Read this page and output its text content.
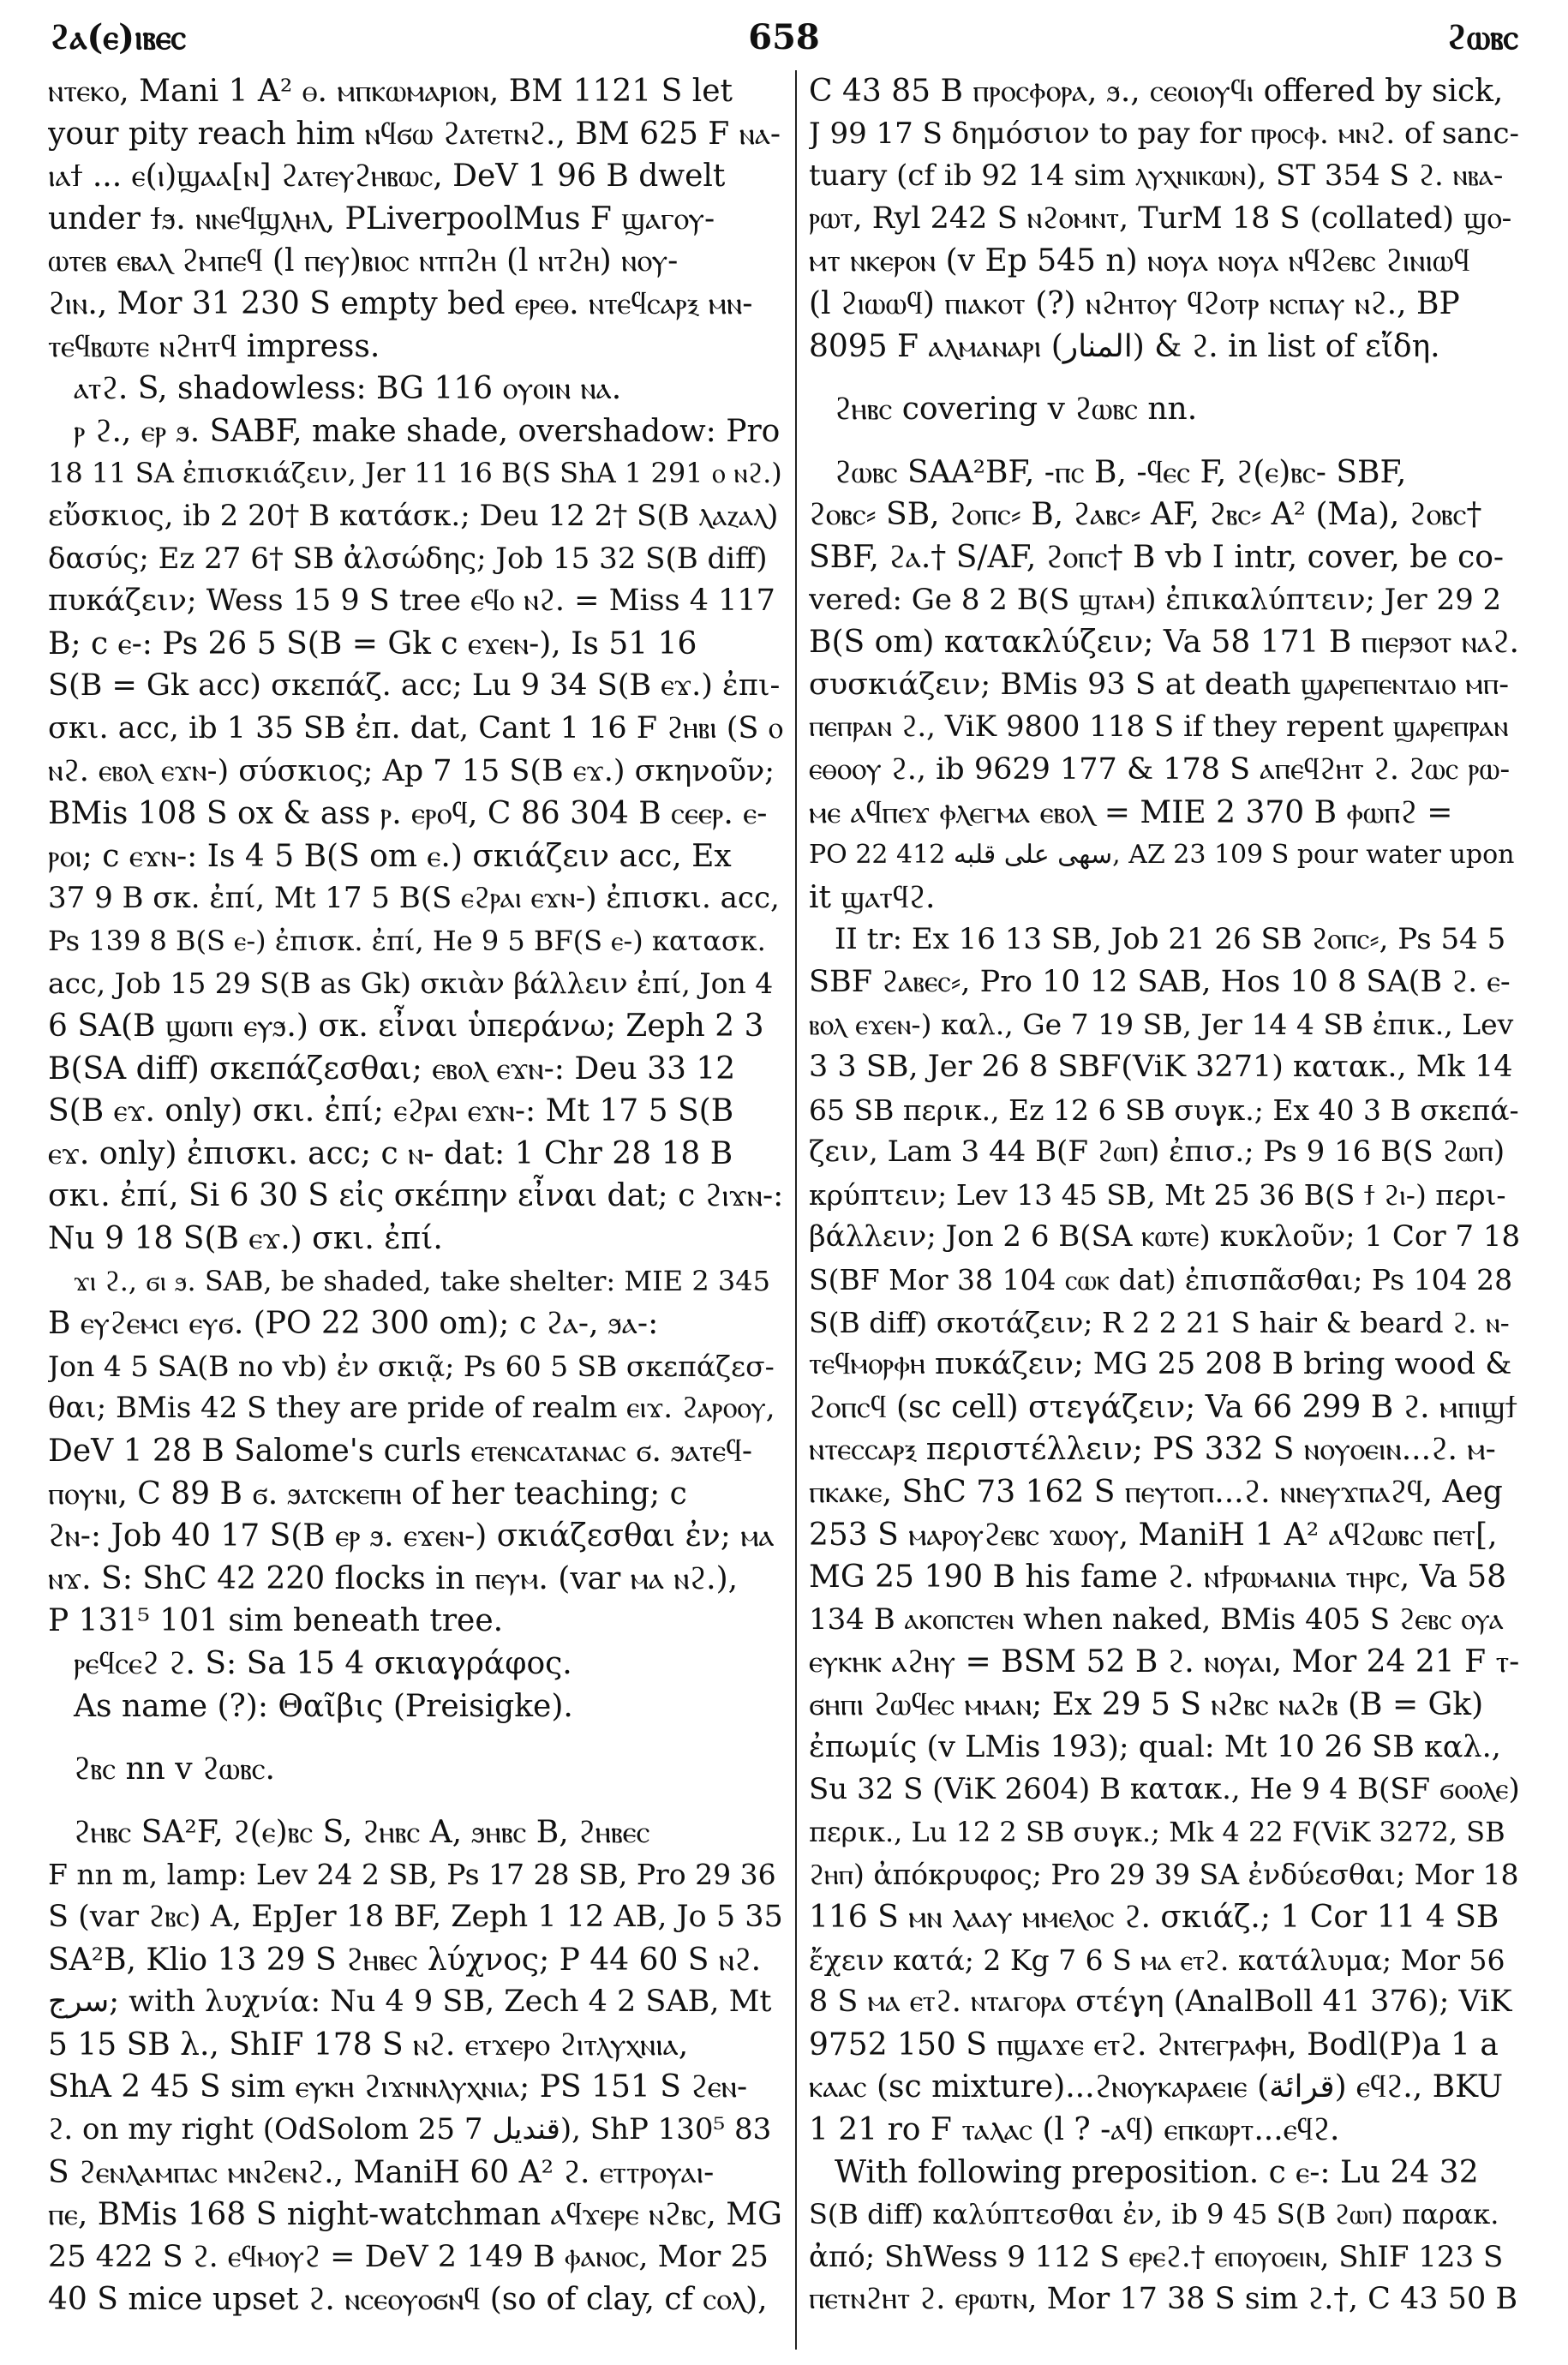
658
ϩⲁ(ⲉ)ⲓⲃⲉⲥ	ϩⲱⲃⲥ
ⲛⲧⲉⲕⲟ, Mani 1 A² ⲑ. ⲙⲡⲕⲱⲙⲁⲣⲓⲟⲛ, BM 1121 S let
your pity reach him ⲛϥϭⲱ ϩⲁⲧⲉⲧⲛϩ., BM 625 F ⲛⲁ-
ⲓⲁϯ ... ⲉ(ⲓ)ϣⲁⲁ[ⲛ] ϩⲁⲧⲉⲩϩⲏⲃⲱⲥ, DeV 1 96 B dwelt
under ϯϧ. ⲛⲛⲉϥϣⲗⲏⲗ, PLiverpoolMus F ϣⲁⲅⲟⲩ-
ⲱⲧⲉⲃ ⲉⲃⲁⲗ ϩⲙⲡⲉϥ (l ⲡⲉⲩ)ⲃⲓⲟⲥ ⲛⲧⲡϩⲏ (l ⲛⲧϩⲏ) ⲛⲟⲩ-
ϩⲓⲛ., Mor 31 230 S empty bed ⲉⲣⲉⲑ. ⲛⲧⲉϥⲥⲁⲣⲝ ⲙⲛ-
ⲧⲉϥⲃⲱⲧⲉ ⲛϩⲏⲧϥ impress.
ⲁⲧϩ. S, shadowless: BG 116 ⲟⲩⲟⲓⲛ ⲛⲁ.
ⲣ ϩ., ⲉⲣ ϧ. SABF, make shade, overshadow: Pro
18 11 SA ἐπισκιάζειν, Jer 11 16 B(S ShA 1 291 ⲟ ⲛϩ.)
εὔσκιος, ib 2 20† B κατάσκ.; Deu 12 2† S(B ⲗⲁⲍⲁⲗ)
δασύς; Ez 27 6† SB ἀλσώδης; Job 15 32 S(B diff)
πυκάζειν; Wess 15 9 S tree ⲉϥⲟ ⲛϩ. = Miss 4 117
B; c ⲉ-: Ps 26 5 S(B = Gk c ⲉϫⲉⲛ-), Is 51 16
S(B = Gk acc) σκεπάζ. acc; Lu 9 34 S(B ⲉϫ.) ἐπι-
σκι. acc, ib 1 35 SB ἐπ. dat, Cant 1 16 F ϩⲏⲃⲓ (S ⲟ
ⲛϩ. ⲉⲃⲟⲗ ⲉϫⲛ-) σύσκιος; Ap 7 15 S(B ⲉϫ.) σκηνοῦν;
BMis 108 S ox & ass ⲣ. ⲉⲣⲟϥ, C 86 304 B ⲥⲉⲉⲣ. ⲉ-
ⲣⲟⲓ; c ⲉϫⲛ-: Is 4 5 B(S om ⲉ.) σκιάζειν acc, Ex
37 9 B σκ. ἐπί, Mt 17 5 B(S ⲉϩⲣⲁⲓ ⲉϫⲛ-) ἐπισκι. acc,
Ps 139 8 B(S ⲉ-) ἐπισκ. ἐπί, He 9 5 BF(S ⲉ-) κατασκ.
acc, Job 15 29 S(B as Gk) σκιὰν βάλλειν ἐπί, Jon 4
6 SA(B ϣⲱⲡⲓ ⲉⲩϧ.) σκ. εἶναι ὑπεράνω; Zeph 2 3
B(SA diff) σκεπάζεσθαι; ⲉⲃⲟⲗ ⲉϫⲛ-: Deu 33 12
S(B ⲉϫ. only) σκι. ἐπί; ⲉϩⲣⲁⲓ ⲉϫⲛ-: Mt 17 5 S(B
ⲉϫ. only) ἐπισκι. acc; c ⲛ- dat: 1 Chr 28 18 B
σκι. ἐπί, Si 6 30 S εἰς σκέπην εἶναι dat; c ϩⲓϫⲛ-:
Nu 9 18 S(B ⲉϫ.) σκι. ἐπί.
ϫⲓ ϩ., ϭⲓ ϧ. SAB, be shaded, take shelter: MIE 2 345
B ⲉⲩϩⲉⲙⲥⲓ ⲉⲩϭ. (PO 22 300 om); c ϩⲁ-, ϧⲁ-:
Jon 4 5 SA(B no vb) ἐν σκιᾷ; Ps 60 5 SB σκεπάζεσ-
θαι; BMis 42 S they are pride of realm ⲉⲓϫ. ϩⲁⲣⲟⲟⲩ,
DeV 1 28 B Salome's curls ⲉⲧⲉⲛⲥⲁⲧⲁⲛⲁⲥ ϭ. ϧⲁⲧⲉϥ-
ⲡⲟⲩⲛⲓ, C 89 B ϭ. ϧⲁⲧⲥⲕⲉⲡⲏ of her teaching; c
ϩⲛ-: Job 40 17 S(B ⲉⲣ ϧ. ⲉϫⲉⲛ-) σκιάζεσθαι ἐν; ⲙⲁ
ⲛϫ. S: ShC 42 220 flocks in ⲡⲉⲩⲙ. (var ⲙⲁ ⲛϩ.),
P 131⁵ 101 sim beneath tree.
ⲣⲉϥⲥⲉϩ ϩ. S: Sa 15 4 σκιαγράφος.
As name (?): Θαῖβις (Preisigke).
ϩⲃⲥ nn v ϩⲱⲃⲥ.
ϩⲏⲃⲥ SA²F, ϩ(ⲉ)ⲃⲥ S, ϩⲏⲃⲥ A, ϧⲏⲃⲥ B, ϩⲏⲃⲉⲥ
F nn m, lamp: Lev 24 2 SB, Ps 17 28 SB, Pro 29 36
S (var ϩⲃⲥ) A, EpJer 18 BF, Zeph 1 12 AB, Jo 5 35
SA²B, Klio 13 29 S ϩⲏⲃⲉⲥ λύχνος; P 44 60 S ⲛϩ.
سرج; with λυχνία: Nu 4 9 SB, Zech 4 2 SAB, Mt
5 15 SB λ., ShIF 178 S ⲛϩ. ⲉⲧϫⲉⲣⲟ ϩⲓⲧⲗⲩⲭⲛⲓⲁ,
ShA 2 45 S sim ⲉⲩⲕⲏ ϩⲓϫⲛⲛⲗⲩⲭⲛⲓⲁ; PS 151 S ϩⲉⲛ-
ϩ. on my right (OdSolom 25 7 ﻗﻨﺪﻳﻞ), ShP 130⁵ 83
S ϩⲉⲛⲗⲁⲙⲡⲁⲥ ⲙⲛϩⲉⲛϩ., ManiH 60 A² ϩ. ⲉⲧⲧⲣⲟⲩⲁⲓ-
ⲡⲉ, BMis 168 S night-watchman ⲁϥϫⲉⲣⲉ ⲛϩⲃⲥ, MG
25 422 S ϩ. ⲉϥⲙⲟⲩϩ = DeV 2 149 B ⲫⲁⲛⲟⲥ, Mor 25
40 S mice upset ϩ. ⲛⲥⲉⲟⲩⲟϭⲛϥ (so of clay, cf ⲥⲟⲗ),
C 43 85 B ⲡⲣⲟⲥⲫⲟⲣⲁ, ϧ., ⲥⲉⲟⲓⲟⲩϥⲓ offered by sick,
J 99 17 S δημόσιον to pay for ⲡⲣⲟⲥⲫ. ⲙⲛϩ. of sanc-
tuary (cf ib 92 14 sim ⲗⲩⲭⲛⲓⲕⲱⲛ), ST 354 S ϩ. ⲛⲃⲁ-
ⲣⲱⲧ, Ryl 242 S ⲛϩⲟⲙⲛⲧ, TurM 18 S (collated) ϣⲟ-
ⲙⲧ ⲛⲕⲉⲣⲟⲛ (v Ep 545 n) ⲛⲟⲩⲁ ⲛⲟⲩⲁ ⲛϥϩⲉⲃⲥ ϩⲓⲛⲓⲱϥ
(l ϩⲓⲱⲱϥ) ⲡⲓⲁⲕⲟⲧ (?) ⲛϩⲏⲧⲟⲩ ϥϩⲟⲧⲣ ⲛⲥⲡⲁⲩ ⲛϩ., BP
8095 F ⲁⲗⲙⲁⲛⲁⲣⲓ (المنار) & ϩ. in list of εἴδη.
ϩⲏⲃⲥ covering v ϩⲱⲃⲥ nn.
ϩⲱⲃⲥ SAA²BF, -ⲡⲥ B, -ϥⲉⲥ F, ϩ(ⲉ)ⲃⲥ- SBF,
ϩⲟⲃⲥ⸗ SB, ϩⲟⲡⲥ⸗ B, ϩⲁⲃⲥ⸗ AF, ϩⲃⲥ⸗ A² (Ma), ϩⲟⲃⲥ†
SBF, ϩⲁ.† S/AF, ϩⲟⲡⲥ† B vb I intr, cover, be co-
vered: Ge 8 2 B(S ϣⲧⲁⲙ) ἐπικαλύπτειν; Jer 29 2
B(S om) κατακλύζειν; Va 58 171 B ⲡⲓⲉⲣϧⲟⲧ ⲛⲁϩ.
συσκιάζειν; BMis 93 S at death ϣⲁⲣⲉⲡⲉⲛⲧⲁⲓⲟ ⲙⲡ-
ⲡⲉⲡⲣⲁⲛ ϩ., ViK 9800 118 S if they repent ϣⲁⲣⲉⲡⲣⲁⲛ
ⲉⲑⲟⲟⲩ ϩ., ib 9629 177 & 178 S ⲁⲡⲉϥϩⲏⲧ ϩ. ϩⲱⲥ ⲣⲱ-
ⲙⲉ ⲁϥⲡⲉϫ ⲫⲗⲉⲅⲙⲁ ⲉⲃⲟⲗ = MIE 2 370 B ⲫⲱⲡϩ =
PO 22 412 سهى على قلبه, AZ 23 109 S pour water upon
it ϣⲁⲧϥϩ.
II tr: Ex 16 13 SB, Job 21 26 SB ϩⲟⲡⲥ⸗, Ps 54 5
SBF ϩⲁⲃⲉⲥ⸗, Pro 10 12 SAB, Hos 10 8 SA(B ϩ. ⲉ-
ⲃⲟⲗ ⲉϫⲉⲛ-) καλ., Ge 7 19 SB, Jer 14 4 SB ἐπικ., Lev
3 3 SB, Jer 26 8 SBF(ViK 3271) κατακ., Mk 14
65 SB περικ., Ez 12 6 SB συγκ.; Ex 40 3 B σκεπά-
ζειν, Lam 3 44 B(F ϩⲱⲡ) ἐπισ.; Ps 9 16 B(S ϩⲱⲡ)
κρύπτειν; Lev 13 45 SB, Mt 25 36 B(S ϯ ϩⲓ-) περι-
βάλλειν; Jon 2 6 B(SA ⲕⲱⲧⲉ) κυκλοῦν; 1 Cor 7 18
S(BF Mor 38 104 ⲥⲱⲕ dat) ἐπισπᾶσθαι; Ps 104 28
S(B diff) σκοτάζειν; R 2 2 21 S hair & beard ϩ. ⲛ-
ⲧⲉϥⲙⲟⲣⲫⲏ πυκάζειν; MG 25 208 B bring wood &
ϩⲟⲡⲥϥ (sc cell) στεγάζειν; Va 66 299 B ϩ. ⲙⲡⲓϣϯ
ⲛⲧⲉⲥⲥⲁⲣⲝ περιστέλλειν; PS 332 S ⲛⲟⲩⲟⲉⲓⲛ...ϩ. ⲙ-
ⲡⲕⲁⲕⲉ, ShC 73 162 S ⲡⲉⲩⲧⲟⲡ...ϩ. ⲛⲛⲉⲩϫⲡⲁϩϥ, Aeg
253 S ⲙⲁⲣⲟⲩϩⲉⲃⲥ ϫⲱⲟⲩ, ManiH 1 A² ⲁϥϩⲱⲃⲥ ⲡⲉⲧ[,
MG 25 190 B his fame ϩ. ⲛϯⲣⲱⲙⲁⲛⲓⲁ ⲧⲏⲣⲥ, Va 58
134 B ⲁⲕⲟⲡⲥⲧⲉⲛ when naked, BMis 405 S ϩⲉⲃⲥ ⲟⲩⲁ
ⲉⲩⲕⲏⲕ ⲁϩⲏⲩ = BSM 52 B ϩ. ⲛⲟⲩⲁⲓ, Mor 24 21 F ⲧ-
ϭⲏⲡⲓ ϩⲱϥⲉⲥ ⲙⲙⲁⲛ; Ex 29 5 S ⲛϩⲃⲥ ⲛⲁϩⲃ (B = Gk)
ἐπωμίς (v LMis 193); qual: Mt 10 26 SB καλ.,
Su 32 S (ViK 2604) B κατακ., He 9 4 B(SF ϭⲟⲟⲗⲉ)
περικ., Lu 12 2 SB συγκ.; Mk 4 22 F(ViK 3272, SB
ϩⲏⲡ) ἀπόκρυφος; Pro 29 39 SA ἐνδύεσθαι; Mor 18
116 S ⲙⲛ ⲗⲁⲁⲩ ⲙⲙⲉⲗⲟⲥ ϩ. σκιάζ.; 1 Cor 11 4 SB
ἔχειν κατά; 2 Kg 7 6 S ⲙⲁ ⲉⲧϩ. κατάλυμα; Mor 56
8 S ⲙⲁ ⲉⲧϩ. ⲛⲧⲁⲅⲟⲣⲁ στέγη (AnalBoll 41 376); ViK
9752 150 S ⲡϣⲁϫⲉ ⲉⲧϩ. ϩⲛⲧⲉⲅⲣⲁⲫⲏ, Bodl(P)a 1 a
ⲕⲁⲁⲥ (sc mixture)...ϩⲛⲟⲩⲕⲁⲣⲁⲉⲓⲉ (قرائة) ⲉϥϩ., BKU
1 21 ro F ⲧⲁⲗⲁⲥ (l ? -ⲁϥ) ⲉⲡⲕⲱⲣⲧ...ⲉϥϩ.
With following preposition. c ⲉ-: Lu 24 32
S(B diff) καλύπτεσθαι ἐν, ib 9 45 S(B ϩⲱⲡ) παρακ.
ἀπό; ShWess 9 112 S ⲉⲣⲉϩ.† ⲉⲡⲟⲩⲟⲉⲓⲛ, ShIF 123 S
ⲡⲉⲧⲛϩⲏⲧ ϩ. ⲉⲣⲱⲧⲛ, Mor 17 38 S sim ϩ.†, C 43 50 B
